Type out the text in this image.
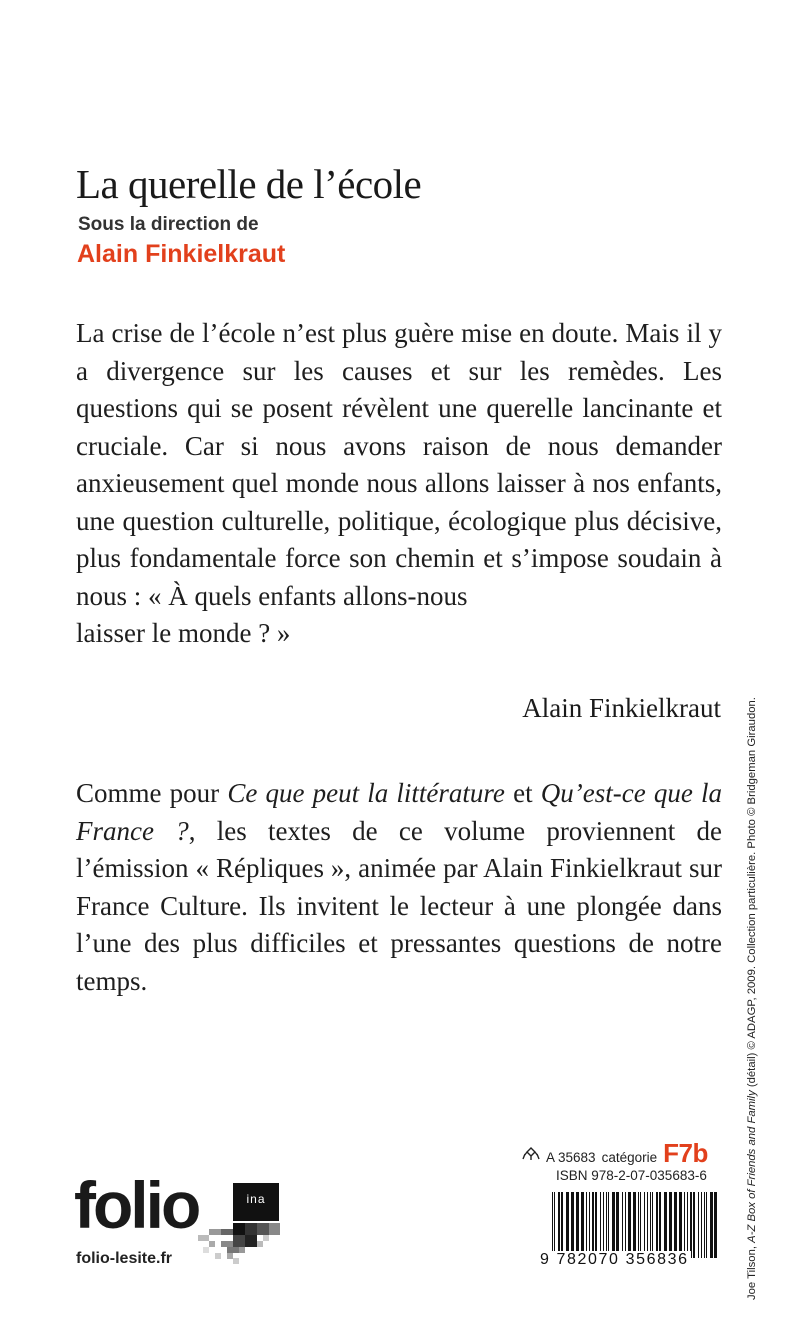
La querelle de l’école
Sous la direction de
Alain Finkielkraut
La crise de l’école n’est plus guère mise en doute. Mais il y a divergence sur les causes et sur les remèdes. Les questions qui se posent révèlent une querelle lancinante et cruciale. Car si nous avons raison de nous demander anxieusement quel monde nous allons laisser à nos enfants, une question culturelle, politique, écologique plus décisive, plus fondamentale force son chemin et s’impose soudain à nous : « À quels enfants allons-nous
laisser le monde ? »
Alain Finkielkraut
Comme pour Ce que peut la littérature et Qu’est-ce que la France ?, les textes de ce volume proviennent de l’émission « Répliques », animée par Alain Finkielkraut sur France Culture. Ils invitent le lecteur à une plongée dans l’une des plus difficiles et pressantes questions de notre temps.
Joe Tilson, A-Z Box of Friends and Family (détail) © ADAGP, 2009. Collection particulière. Photo © Bridgeman Giraudon.
A 35683 catégorie F7b
ISBN 978-2-07-035683-6
9 782070 356836
folio
folio-lesite.fr
ina
